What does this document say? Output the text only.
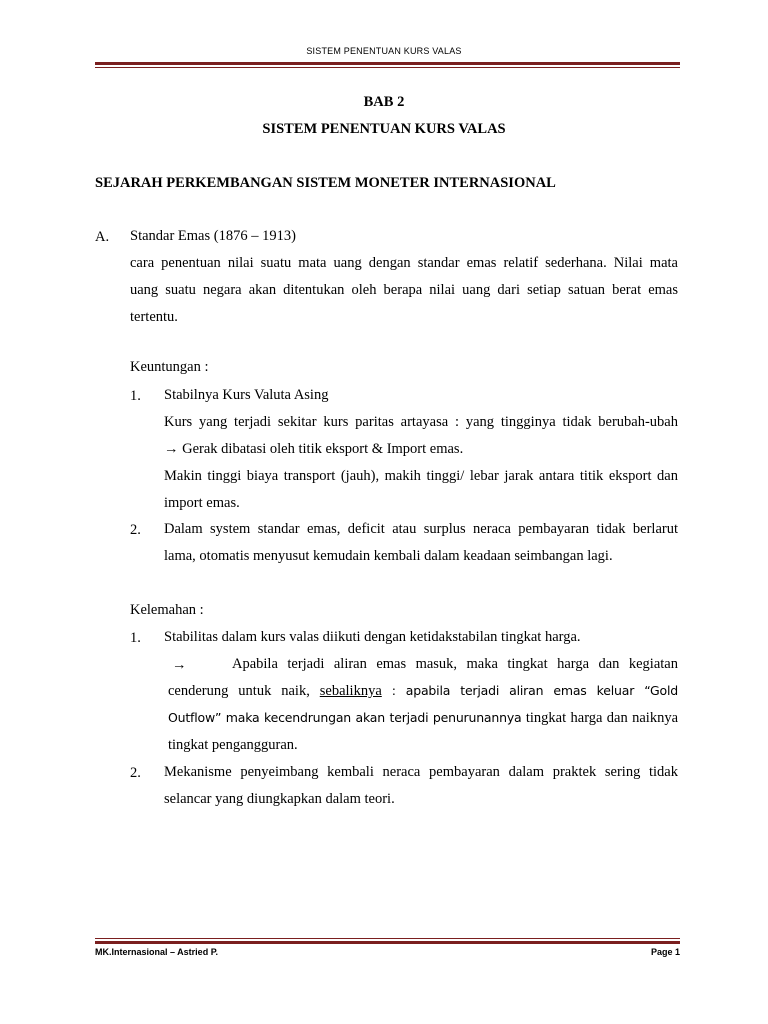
SISTEM PENENTUAN KURS VALAS
BAB 2
SISTEM PENENTUAN KURS VALAS
SEJARAH PERKEMBANGAN SISTEM MONETER INTERNASIONAL
A. Standar Emas (1876 – 1913)
cara penentuan nilai suatu mata uang dengan standar emas relatif sederhana. Nilai mata
uang suatu negara akan ditentukan oleh berapa nilai uang dari setiap satuan berat emas
tertentu.
Keuntungan :
1. Stabilnya Kurs Valuta Asing
Kurs yang terjadi sekitar kurs paritas artayasa : yang tingginya tidak berubah-ubah
→ Gerak dibatasi oleh titik eksport & Import emas.
Makin tinggi biaya transport (jauh), makih tinggi/ lebar jarak antara titik eksport dan
import emas.
2. Dalam system standar emas, deficit atau surplus neraca pembayaran tidak berlarut
lama, otomatis menyusut kemudain kembali dalam keadaan seimbangan lagi.
Kelemahan :
1. Stabilitas dalam kurs valas diikuti dengan ketidakstabilan tingkat harga.
→	Apabila terjadi aliran emas masuk, maka tingkat harga dan kegiatan
cenderung untuk naik, sebaliknya : apabila terjadi aliran emas keluar “Gold
Outflow” maka kecendrungan akan terjadi penurunannya tingkat harga dan naiknya
tingkat pengangguran.
2. Mekanisme penyeimbang kembali neraca pembayaran dalam praktek sering tidak
selancar yang diungkapkan dalam teori.
MK.Internasional – Astried P.	Page 1
